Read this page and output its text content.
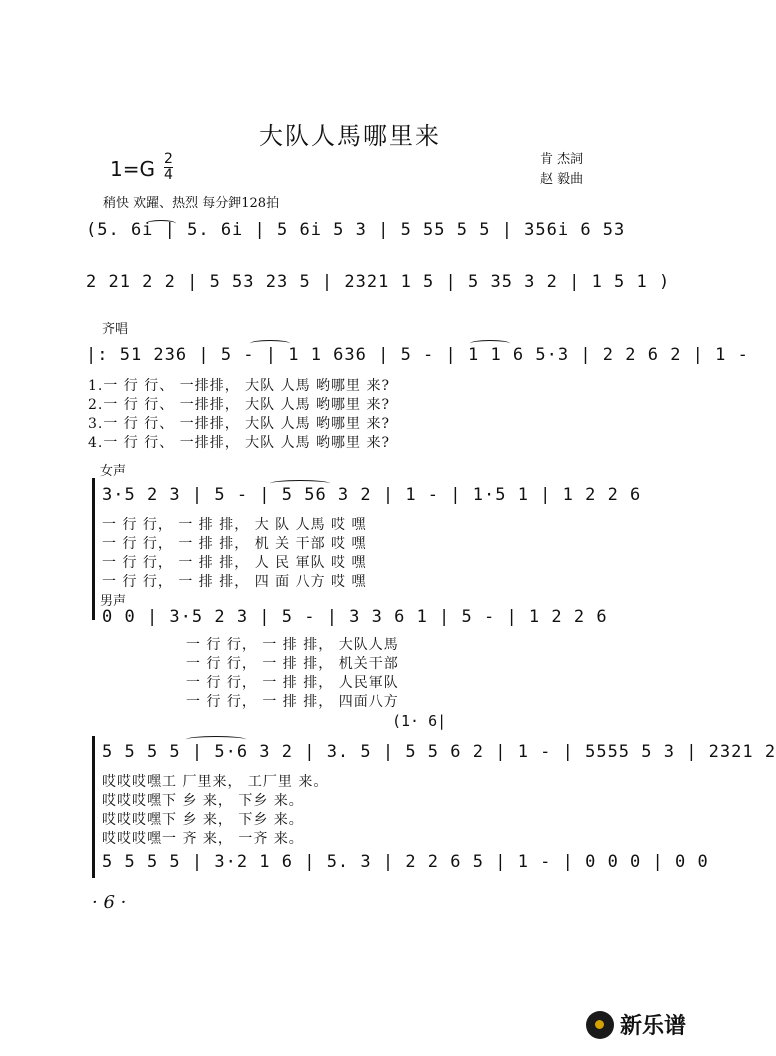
大队人馬哪里来
1=G 2
4
肯 杰詞
赵 毅曲
稍快 欢躍、热烈 每分鉀128拍
(5. 6i | 5. 6i | 5 6i 5 3 | 5 55 5 5 | 356i 6 53
2 21 2 2 | 5 53 23 5 | 2321 1 5 | 5 35 3 2 | 1 5 1 )
齐唱
|: 51 236 | 5 - | 1 1 636 | 5 - | 1 1 6 5·3 | 2 2 6 2 | 1 -
1.一 行 行、 一排排， 大队 人馬 哟哪里 来?
2.一 行 行、 一排排， 大队 人馬 哟哪里 来?
3.一 行 行、 一排排， 大队 人馬 哟哪里 来?
4.一 行 行、 一排排， 大队 人馬 哟哪里 来?
女声
3·5 2 3 | 5 - | 5 56 3 2 | 1 - | 1·5 1 | 1 2 2 6
一 行 行， 一 排 排， 大 队 人馬 哎 嘿
一 行 行， 一 排 排， 机 关 干部 哎 嘿
一 行 行， 一 排 排， 人 民 軍队 哎 嘿
一 行 行， 一 排 排， 四 面 八方 哎 嘿
男声
0 0 | 3·5 2 3 | 5 - | 3 3 6 1 | 5 - | 1 2 2 6
一 行 行， 一 排 排， 大队人馬
一 行 行， 一 排 排， 机关干部
一 行 行， 一 排 排， 人民軍队
一 行 行， 一 排 排， 四面八方
(1· 6|
5 5 5 5 | 5·6 3 2 | 3. 5 | 5 5 6 2 | 1 - | 5555 5 3 | 2321 2
哎哎哎嘿工 厂里来， 工厂里 来。
哎哎哎嘿下 乡 来， 下乡 来。
哎哎哎嘿下 乡 来， 下乡 来。
哎哎哎嘿一 齐 来， 一齐 来。
5 5 5 5 | 3·2 1 6 | 5. 3 | 2 2 6 5 | 1 - | 0 0 0 | 0 0
· 6 ·
新乐谱
